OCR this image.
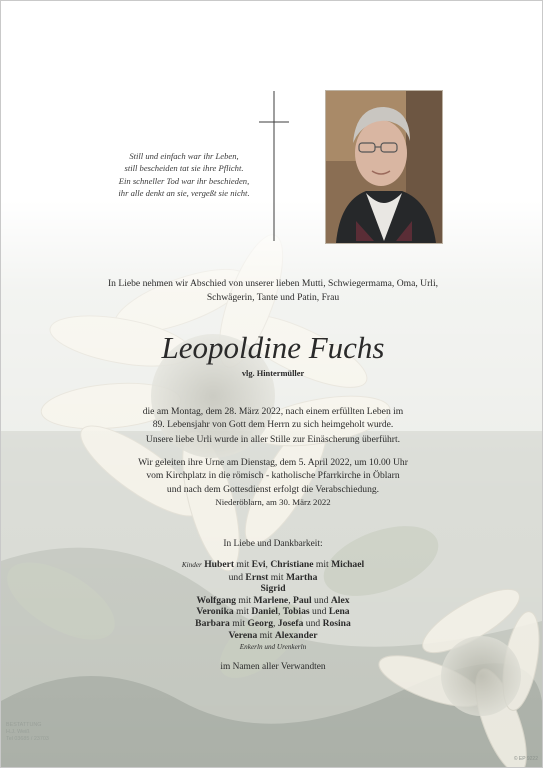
Still und einfach war ihr Leben,
still bescheiden tat sie ihre Pflicht.
Ein schneller Tod war ihr beschieden,
ihr alle denkt an sie, vergeßt sie nicht.
In Liebe nehmen wir Abschied von unserer lieben Mutti, Schwiegermama, Oma, Urli, Schwägerin, Tante und Patin, Frau
Leopoldine Fuchs
vlg. Hintermüller
die am Montag, dem 28. März 2022, nach einem erfüllten Leben im
89. Lebensjahr von Gott dem Herrn zu sich heimgeholt wurde.
Unsere liebe Urli wurde in aller Stille zur Einäscherung überführt.
Wir geleiten ihre Urne am Dienstag, dem 5. April 2022, um 10.00 Uhr
vom Kirchplatz in die römisch - katholische Pfarrkirche in Öblarn
und nach dem Gottesdienst erfolgt die Verabschiedung.
Niederöblarn, am 30. März 2022
In Liebe und Dankbarkeit:
Kinder Hubert mit Evi, Christiane mit Michael
und Ernst mit Martha
Sigrid
Wolfgang mit Marlene, Paul und Alex
Veronika mit Daniel, Tobias und Lena
Barbara mit Georg, Josefa und Rosina
Verena mit Alexander
Enkerln und Urenkerln
im Namen aller Verwandten
BESTATTUNG
H.J. Weiß
Tel 03685 / 23703
© EP 9222
